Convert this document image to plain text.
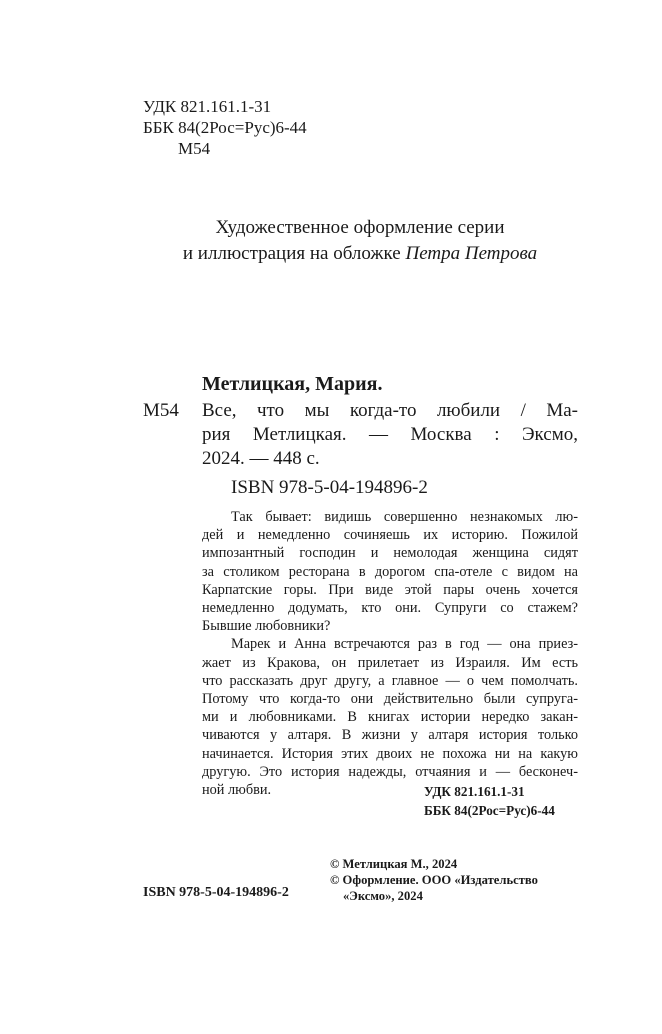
УДК 821.161.1-31
ББК 84(2Рос=Рус)6-44
М54
Художественное оформление серии
и иллюстрация на обложке Петра Петрова
Метлицкая, Мария.
М54 Все, что мы когда-то любили / Ма-
рия Метлицкая. — Москва : Эксмо,
2024. — 448 с.
ISBN 978-5-04-194896-2
Так бывает: видишь совершенно незнакомых лю-
дей и немедленно сочиняешь их историю. Пожилой
импозантный господин и немолодая женщина сидят
за столиком ресторана в дорогом спа-отеле с видом на
Карпатские горы. При виде этой пары очень хочется
немедленно додумать, кто они. Супруги со стажем?
Бывшие любовники?
Марек и Анна встречаются раз в год — она приез-
жает из Кракова, он прилетает из Израиля. Им есть
что рассказать друг другу, а главное — о чем помолчать.
Потому что когда-то они действительно были супруга-
ми и любовниками. В книгах истории нередко закан-
чиваются у алтаря. В жизни у алтаря история только
начинается. История этих двоих не похожа ни на какую
другую. Это история надежды, отчаяния и — бесконеч-
ной любви.	УДК 821.161.1-31
ББК 84(2Рос=Рус)6-44
© Метлицкая М., 2024
© Оформление. ООО «Издательство
«Эксмо», 2024
ISBN 978-5-04-194896-2
